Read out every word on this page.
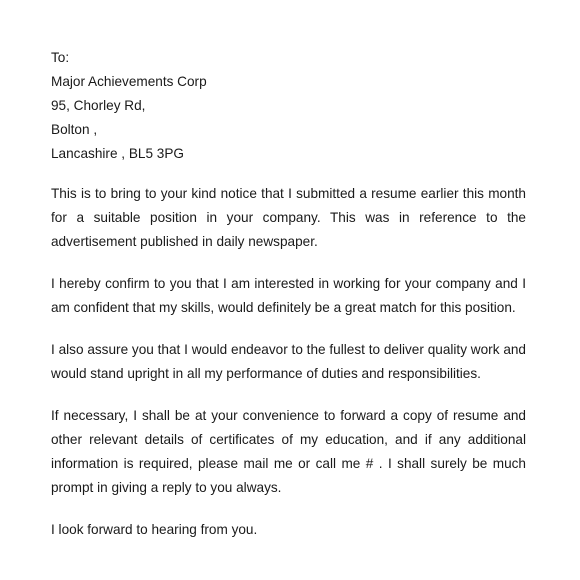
To:
Major Achievements Corp
95, Chorley Rd,
Bolton ,
Lancashire , BL5 3PG

This is to bring to your kind notice that I submitted a resume earlier this month for a suitable position in your company. This was in reference to the advertisement published in daily newspaper.

I hereby confirm to you that I am interested in working for your company and I am confident that my skills, would definitely be a great match for this position.

I also assure you that I would endeavor to the fullest to deliver quality work and would stand upright in all my performance of duties and responsibilities.

If necessary, I shall be at your convenience to forward a copy of resume and other relevant details of certificates of my education, and if any additional information is required, please mail me or call me # . I shall surely be much prompt in giving a reply to you always.

I look forward to hearing from you.
